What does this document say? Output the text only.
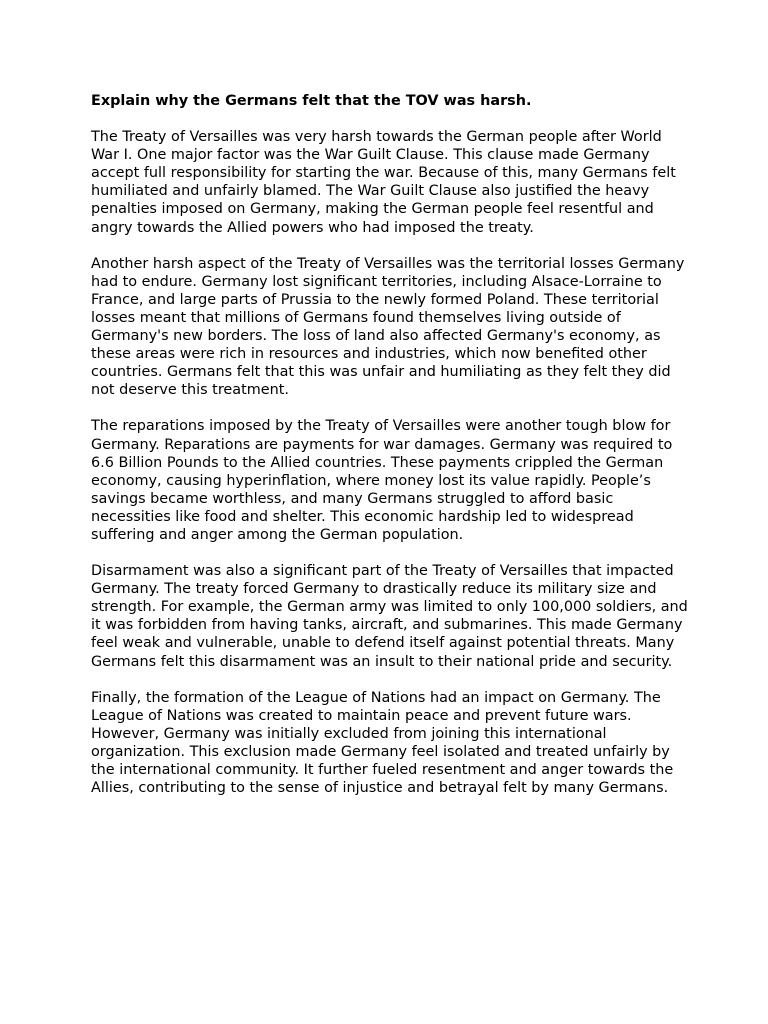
Explain why the Germans felt that the TOV was harsh.

The Treaty of Versailles was very harsh towards the German people after World War I. One major factor was the War Guilt Clause. This clause made Germany accept full responsibility for starting the war. Because of this, many Germans felt humiliated and unfairly blamed. The War Guilt Clause also justified the heavy penalties imposed on Germany, making the German people feel resentful and angry towards the Allied powers who had imposed the treaty.

Another harsh aspect of the Treaty of Versailles was the territorial losses Germany had to endure. Germany lost significant territories, including Alsace-Lorraine to France, and large parts of Prussia to the newly formed Poland. These territorial losses meant that millions of Germans found themselves living outside of Germany's new borders. The loss of land also affected Germany's economy, as these areas were rich in resources and industries, which now benefited other countries. Germans felt that this was unfair and humiliating as they felt they did not deserve this treatment.

The reparations imposed by the Treaty of Versailles were another tough blow for Germany. Reparations are payments for war damages. Germany was required to 6.6 Billion Pounds to the Allied countries. These payments crippled the German economy, causing hyperinflation, where money lost its value rapidly. People’s savings became worthless, and many Germans struggled to afford basic necessities like food and shelter. This economic hardship led to widespread suffering and anger among the German population.

Disarmament was also a significant part of the Treaty of Versailles that impacted Germany. The treaty forced Germany to drastically reduce its military size and strength. For example, the German army was limited to only 100,000 soldiers, and it was forbidden from having tanks, aircraft, and submarines. This made Germany feel weak and vulnerable, unable to defend itself against potential threats. Many Germans felt this disarmament was an insult to their national pride and security.

Finally, the formation of the League of Nations had an impact on Germany. The League of Nations was created to maintain peace and prevent future wars. However, Germany was initially excluded from joining this international organization. This exclusion made Germany feel isolated and treated unfairly by the international community. It further fueled resentment and anger towards the Allies, contributing to the sense of injustice and betrayal felt by many Germans.
